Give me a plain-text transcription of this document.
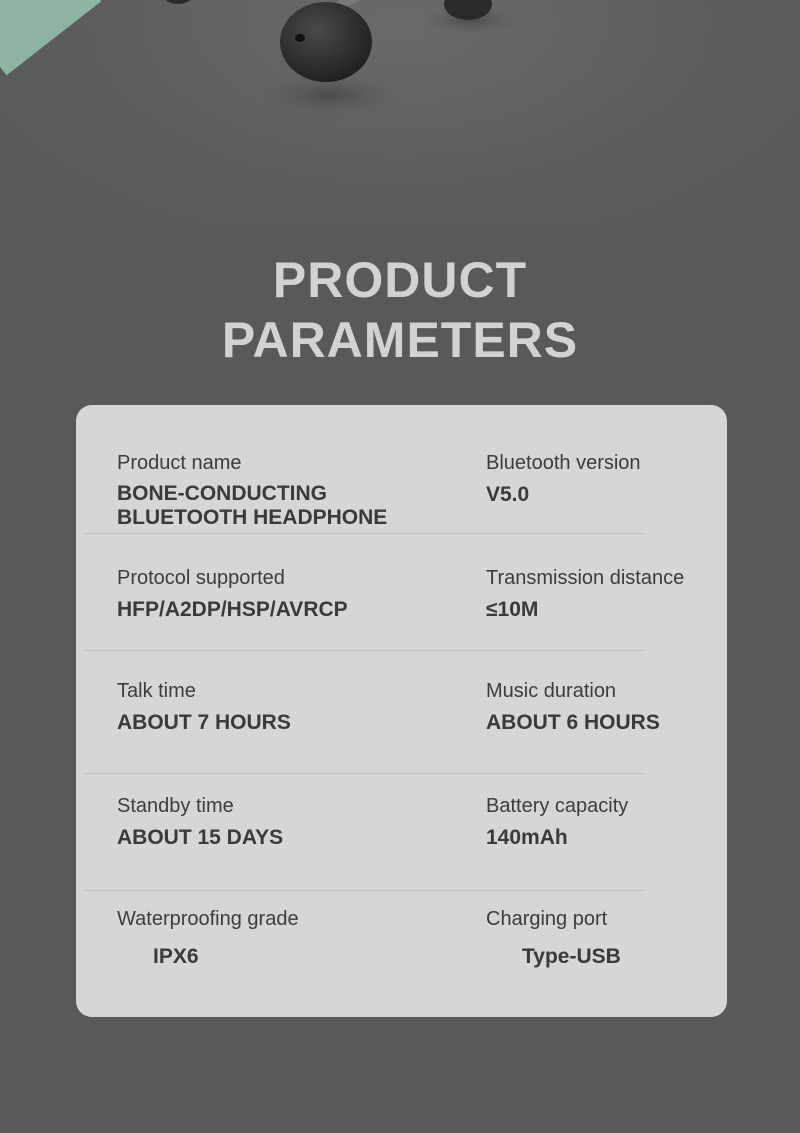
PRODUCT
PARAMETERS
Product name
BONE-CONDUCTING
BLUETOOTH HEADPHONE
Bluetooth version
V5.0
Protocol supported
HFP/A2DP/HSP/AVRCP
Transmission distance
≤10M
Talk time
ABOUT 7 HOURS
Music duration
ABOUT 6 HOURS
Standby time
ABOUT 15 DAYS
Battery capacity
140mAh
Waterproofing grade
IPX6
Charging port
Type-USB
